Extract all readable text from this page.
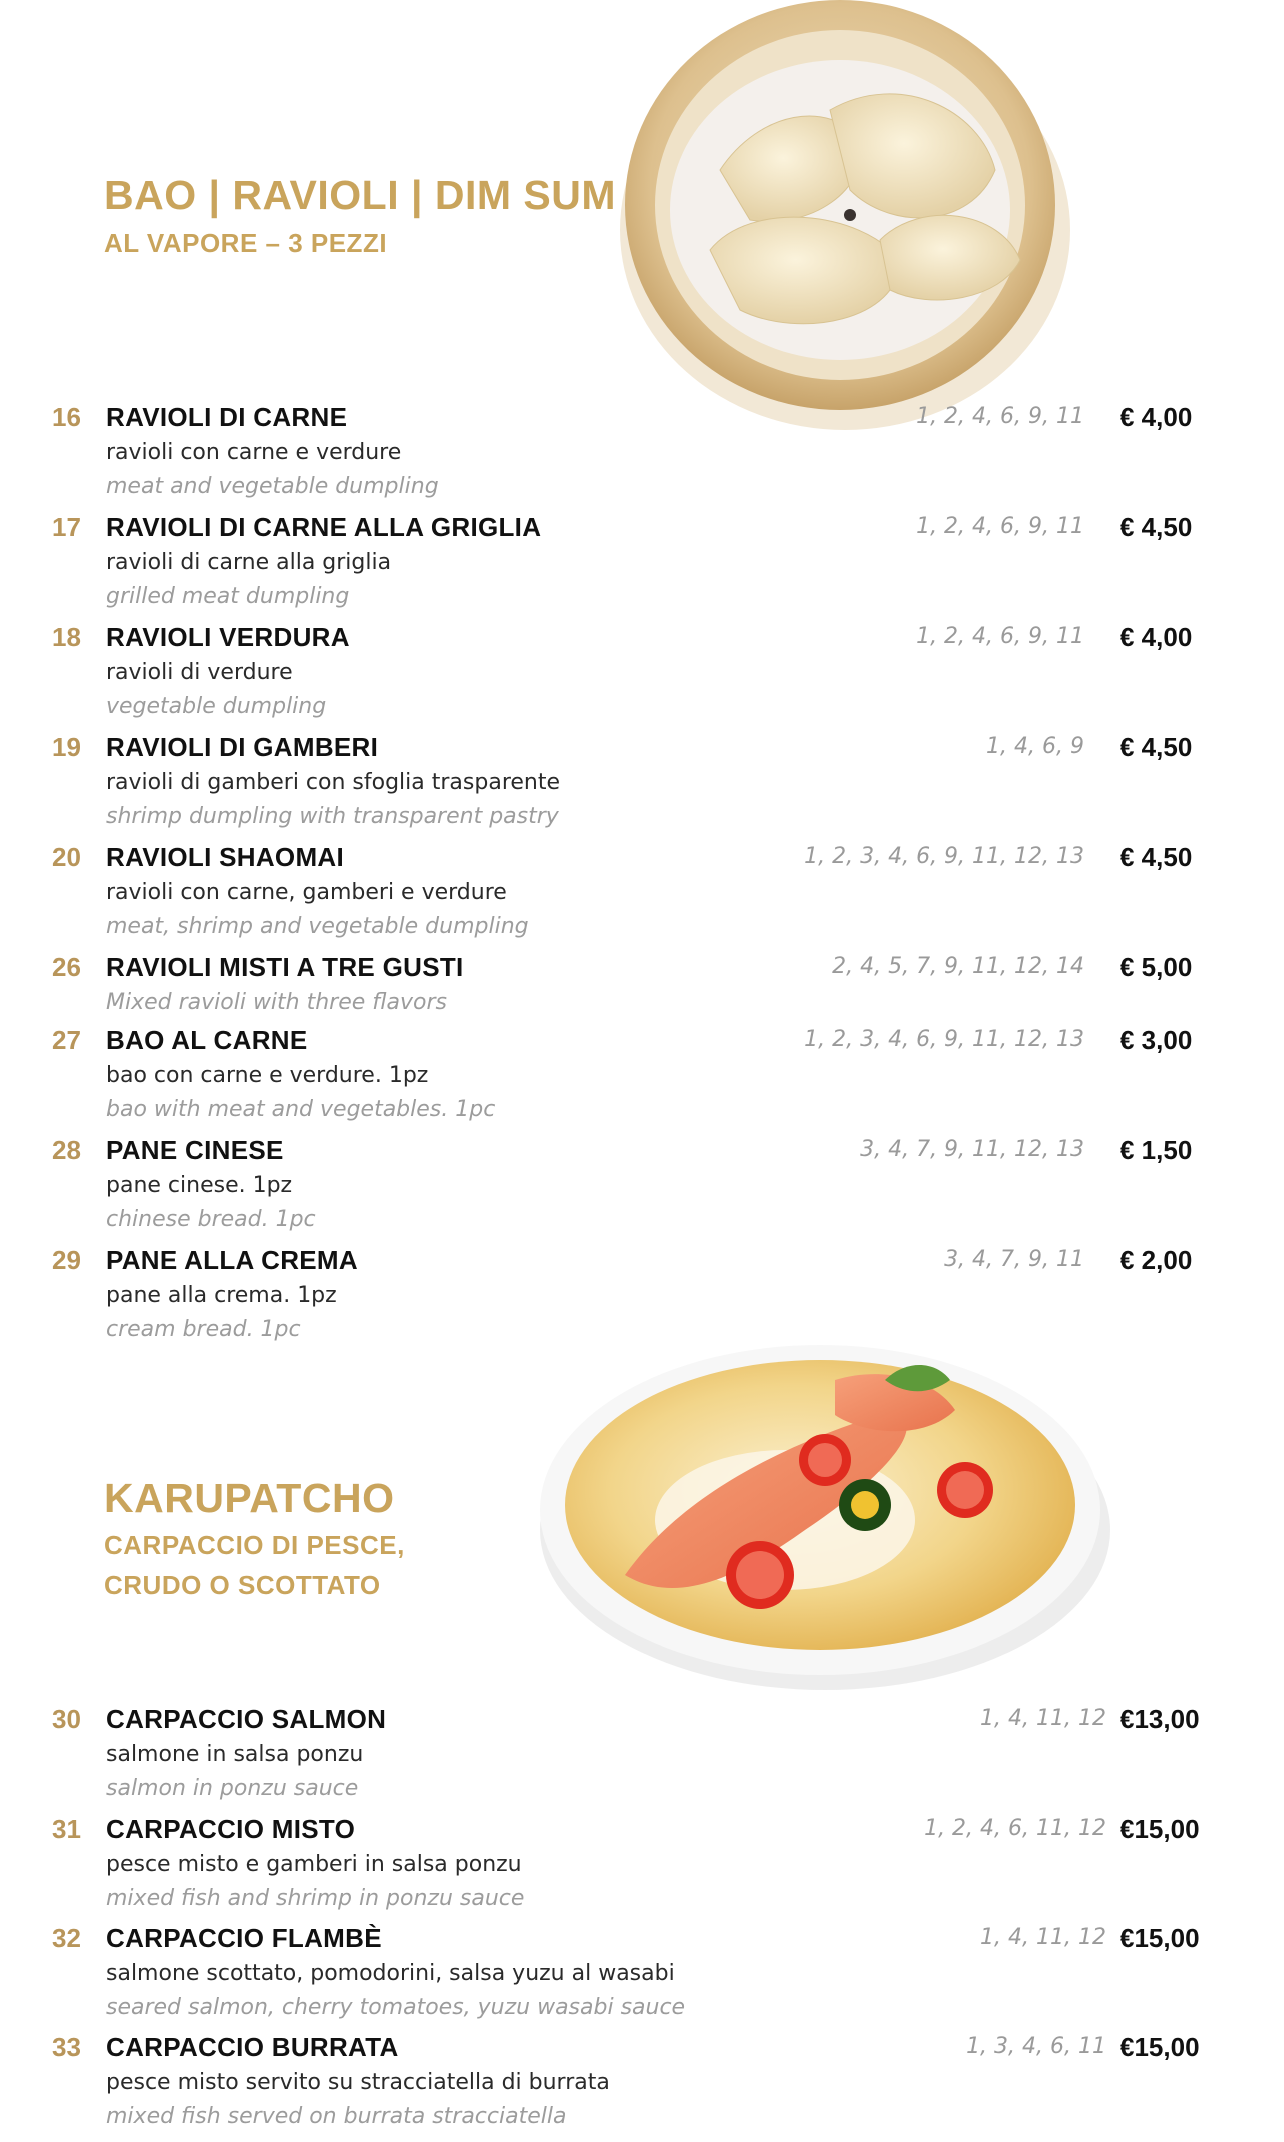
BAO | RAVIOLI | DIM SUM
AL VAPORE – 3 PEZZI
16 RAVIOLI DI CARNE	1, 2, 4, 6, 9, 11 € 4,00
ravioli con carne e verdure
meat and vegetable dumpling
17 RAVIOLI DI CARNE ALLA GRIGLIA	1, 2, 4, 6, 9, 11 € 4,50
ravioli di carne alla griglia
grilled meat dumpling
18 RAVIOLI VERDURA	1, 2, 4, 6, 9, 11 € 4,00
ravioli di verdure
vegetable dumpling
19 RAVIOLI DI GAMBERI	1, 4, 6, 9 € 4,50
ravioli di gamberi con sfoglia trasparente
shrimp dumpling with transparent pastry
20 RAVIOLI SHAOMAI	1, 2, 3, 4, 6, 9, 11, 12, 13 € 4,50
ravioli con carne, gamberi e verdure
meat, shrimp and vegetable dumpling
26 RAVIOLI MISTI A TRE GUSTI	2, 4, 5, 7, 9, 11, 12, 14 € 5,00
Mixed ravioli with three flavors
27 BAO AL CARNE	1, 2, 3, 4, 6, 9, 11, 12, 13 € 3,00
bao con carne e verdure. 1pz
bao with meat and vegetables. 1pc
28 PANE CINESE	3, 4, 7, 9, 11, 12, 13 € 1,50
pane cinese. 1pz
chinese bread. 1pc
29 PANE ALLA CREMA	3, 4, 7, 9, 11 € 2,00
pane alla crema. 1pz
cream bread. 1pc
KARUPATCHO
CARPACCIO DI PESCE,
CRUDO O SCOTTATO
30 CARPACCIO SALMON	1, 4, 11, 12 €13,00
salmone in salsa ponzu
salmon in ponzu sauce
31 CARPACCIO MISTO	1, 2, 4, 6, 11, 12 €15,00
pesce misto e gamberi in salsa ponzu
mixed fish and shrimp in ponzu sauce
32 CARPACCIO FLAMBÈ	1, 4, 11, 12 €15,00
salmone scottato, pomodorini, salsa yuzu al wasabi
seared salmon, cherry tomatoes, yuzu wasabi sauce
33 CARPACCIO BURRATA	1, 3, 4, 6, 11 €15,00
pesce misto servito su stracciatella di burrata
mixed fish served on burrata stracciatella
